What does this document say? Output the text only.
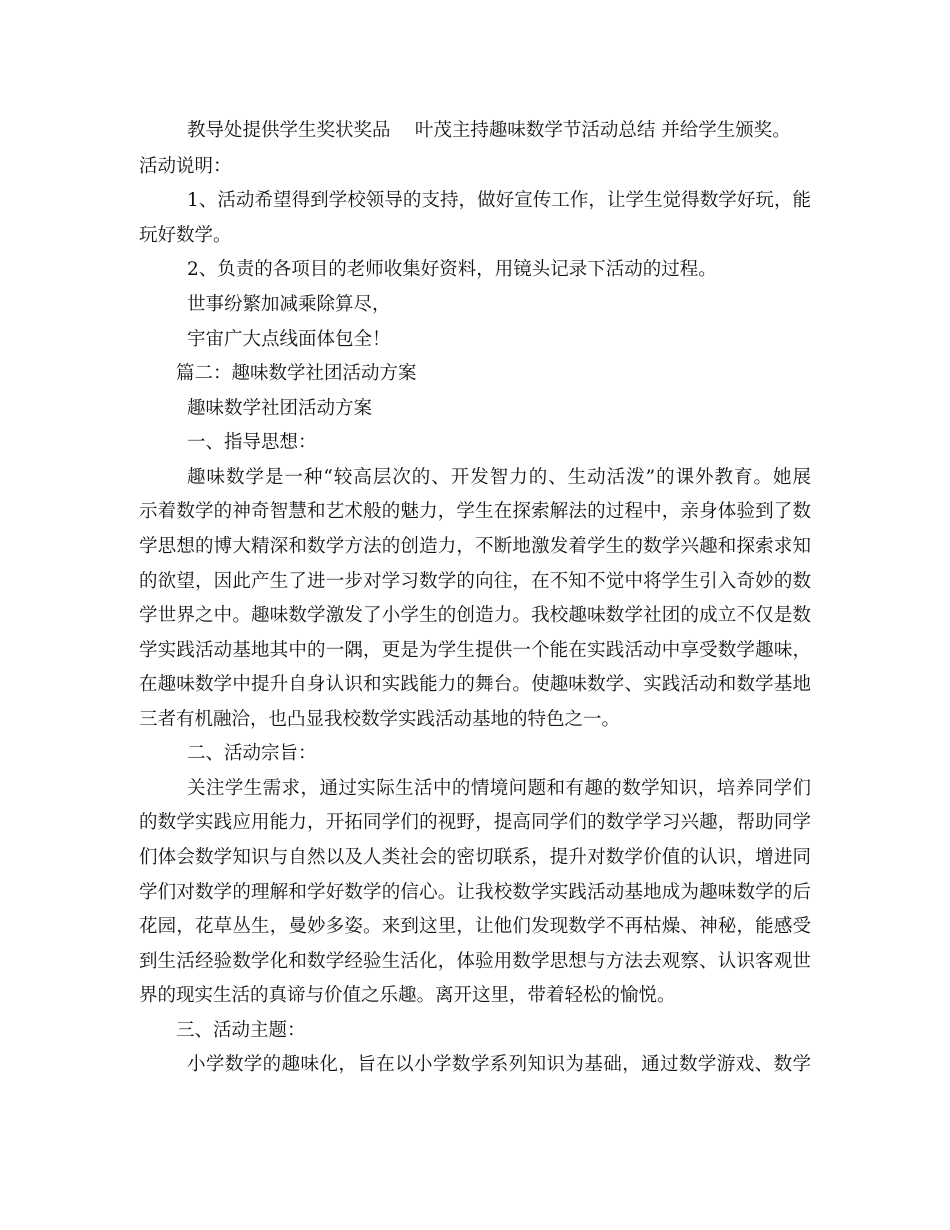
教导处提供学生奖状奖品　 叶茂主持趣味数学节活动总结 并给学生颁奖。
活动说明：
1、活动希望得到学校领导的支持，做好宣传工作，让学生觉得数学好玩，能
玩好数学。
2、负责的各项目的老师收集好资料，用镜头记录下活动的过程。
世事纷繁加减乘除算尽，
宇宙广大点线面体包全！
篇二：趣味数学社团活动方案
趣味数学社团活动方案
一、指导思想：
趣味数学是一种“较高层次的、开发智力的、生动活泼”的课外教育。她展
示着数学的神奇智慧和艺术般的魅力，学生在探索解法的过程中，亲身体验到了数
学思想的博大精深和数学方法的创造力，不断地激发着学生的数学兴趣和探索求知
的欲望，因此产生了进一步对学习数学的向往，在不知不觉中将学生引入奇妙的数
学世界之中。趣味数学激发了小学生的创造力。我校趣味数学社团的成立不仅是数
学实践活动基地其中的一隅，更是为学生提供一个能在实践活动中享受数学趣味，
在趣味数学中提升自身认识和实践能力的舞台。使趣味数学、实践活动和数学基地
三者有机融洽，也凸显我校数学实践活动基地的特色之一。
二、活动宗旨：
关注学生需求，通过实际生活中的情境问题和有趣的数学知识，培养同学们
的数学实践应用能力，开拓同学们的视野，提高同学们的数学学习兴趣，帮助同学
们体会数学知识与自然以及人类社会的密切联系，提升对数学价值的认识，增进同
学们对数学的理解和学好数学的信心。让我校数学实践活动基地成为趣味数学的后
花园，花草丛生，曼妙多姿。来到这里，让他们发现数学不再枯燥、神秘，能感受
到生活经验数学化和数学经验生活化，体验用数学思想与方法去观察、认识客观世
界的现实生活的真谛与价值之乐趣。离开这里，带着轻松的愉悦。
三、活动主题：
小学数学的趣味化，旨在以小学数学系列知识为基础，通过数学游戏、数学
